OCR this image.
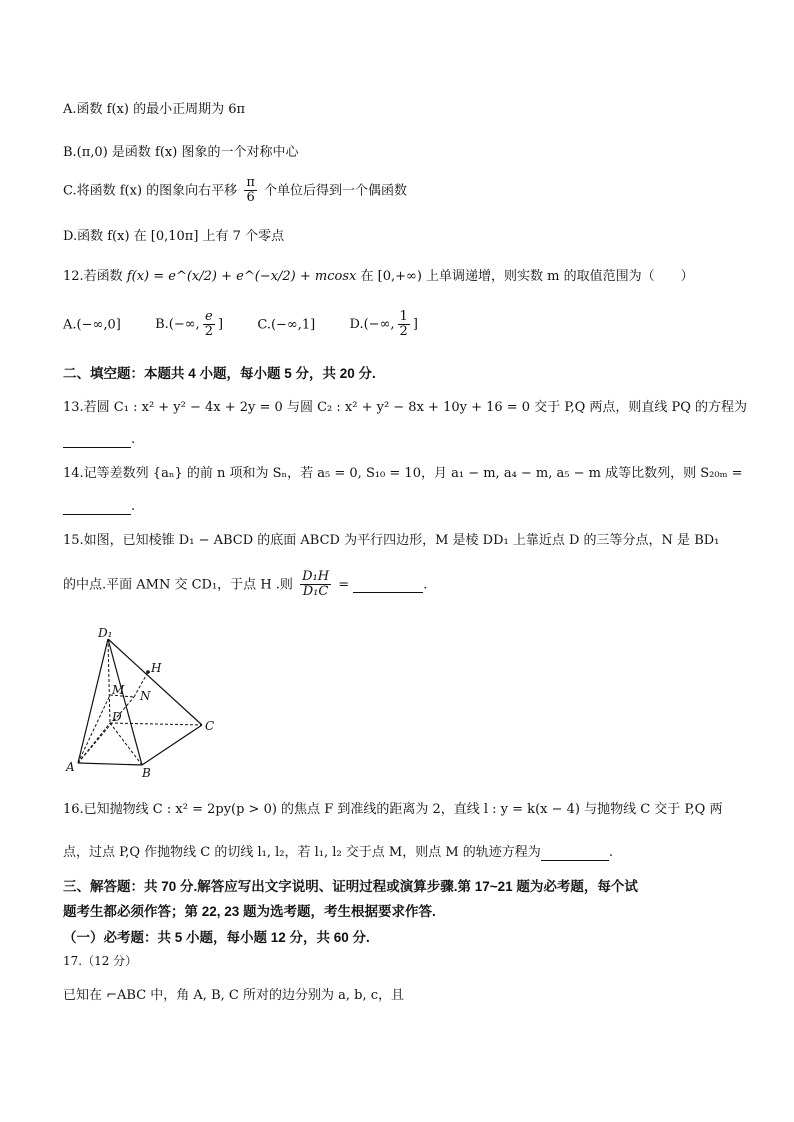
A.函数 f(x) 的最小正周期为 6π
B.(π,0) 是函数 f(x) 图象的一个对称中心
C.将函数 f(x) 的图象向右平移 $\frac{\pi}{6}$ 个单位后得到一个偶函数
D.函数 f(x) 在 [0,10π] 上有 7 个零点
12.若函数 f(x) = e^(x/2) + e^(−x/2) + mcosx 在 [0,+∞) 上单调递增，则实数 m 的取值范围为（　　）
A.(−∞,0]	B.(−∞, $\frac{e}{2}$ ]	C.(−∞,1]	D.(−∞, $\frac{1}{2}$ ]
二、填空题：本题共 4 小题，每小题 5 分，共 20 分.
13.若圆 C₁ : x² + y² − 4x + 2y = 0 与圆 C₂ : x² + y² − 8x + 10y + 16 = 0 交于 P,Q 两点，则直线 PQ 的方程为
.
14.记等差数列 {aₙ} 的前 n 项和为 Sₙ，若 a₅ = 0, S₁₀ = 10，月 a₁ − m, a₄ − m, a₅ − m 成等比数列，则 S₂₀ₘ =
.
15.如图，已知棱锥 D₁ − ABCD 的底面 ABCD 为平行四边形，M 是棱 DD₁ 上靠近点 D 的三等分点，N 是 BD₁
的中点.平面 AMN 交 CD₁，于点 H .则 $\frac{\text{D₁H}}{\text{D₁C}}$ =	.
D₁
H
M N
D
C
A	B
16.已知抛物线 C : x² = 2py(p > 0) 的焦点 F 到准线的距离为 2，直线 l : y = k(x − 4) 与抛物线 C 交于 P,Q 两
点，过点 P,Q 作抛物线 C 的切线 l₁, l₂，若 l₁, l₂ 交于点 M，则点 M 的轨迹方程为	.
三、解答题：共 70 分.解答应写出文字说明、证明过程或演算步骤.第 17~21 题为必考题，每个试
题考生都必须作答；第 22, 23 题为选考题，考生根据要求作答.
（一）必考题：共 5 小题，每小题 12 分，共 60 分.
17.（12 分）
已知在 ⌐ABC 中，角 A, B, C 所对的边分别为 a, b, c，且
